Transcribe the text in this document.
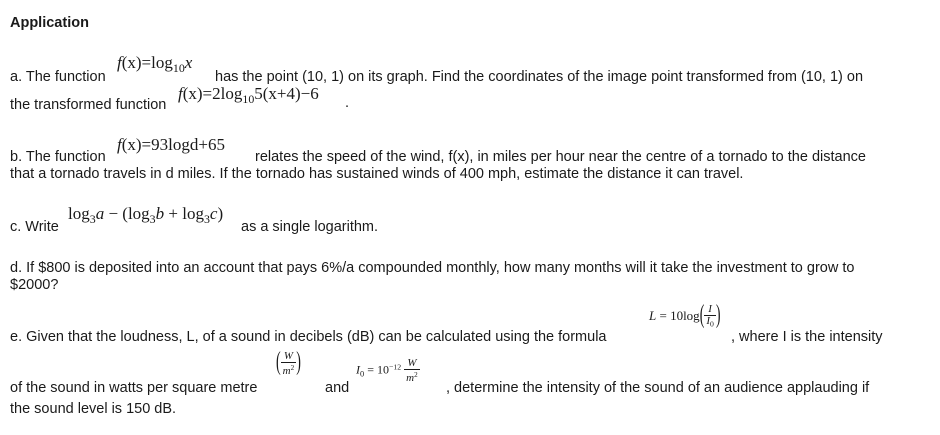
Application
a. The function
$f(x)=\log_{10}x$
has the point (10, 1) on its graph. Find the coordinates of the image point transformed from (10, 1) on
the transformed function
$f(x)=2\log_{10}5(x+4)-6$ .
b. The function
f(x)=93logd+65
relates the speed of the wind, f(x), in miles per hour near the centre of a tornado to the distance
that a tornado travels in d miles. If the tornado has sustained winds of 400 mph, estimate the distance it can travel.
c. Write
$\log_3a - (\log_3b + \log_3c)$
as a single logarithm.
d. If $800 is deposited into an account that pays 6%/a compounded monthly, how many months will it take the investment to grow to
$2000?
e. Given that the loudness, L, of a sound in decibels (dB) can be calculated using the formula
$L = 10\log( \frac{I}{I_0}$ )
, where I is the intensity
of the sound in watts per square metre
( $\frac{W}{m^2}$ )
and
$I_0 = 10^{-12} \frac{W}{m^2}$
, determine the intensity of the sound of an audience applauding if
the sound level is 150 dB.
